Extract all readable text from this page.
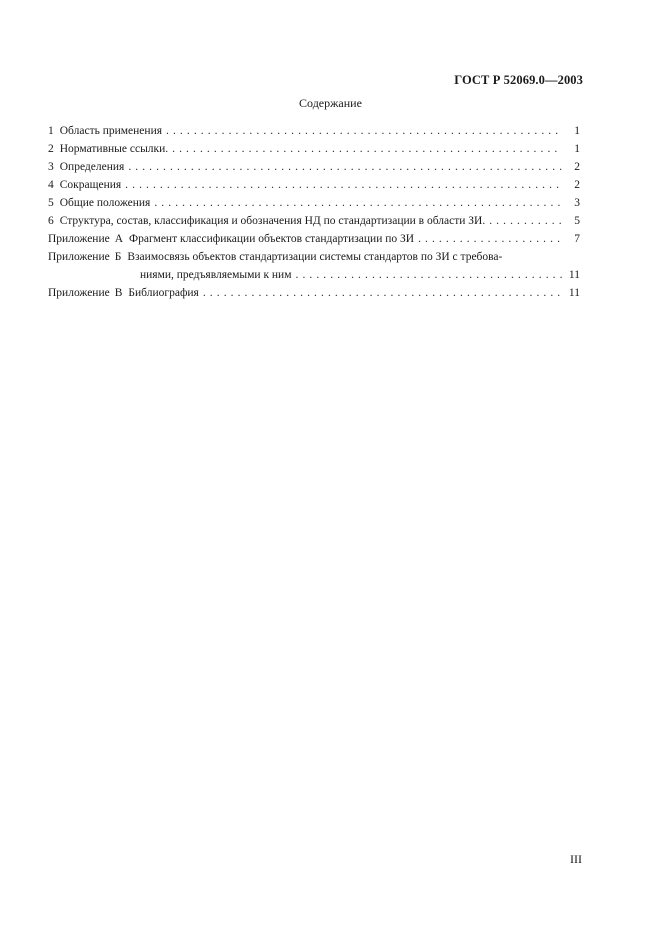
ГОСТ Р 52069.0—2003
Содержание
1 Область применения . . .	1
2 Нормативные ссылки. . . .	1
3 Определения . . .	2
4 Сокращения . . .	2
5 Общие положения . . .	3
6 Структура, состав, классификация и обозначения НД по стандартизации в области ЗИ. . . .	5
Приложение А Фрагмент классификации объектов стандартизации по ЗИ . . .	7
Приложение Б Взаимосвязь объектов стандартизации системы стандартов по ЗИ с требова-
ниями, предъявляемыми к ним . . .	11
Приложение В Библиография . . .	11
III
